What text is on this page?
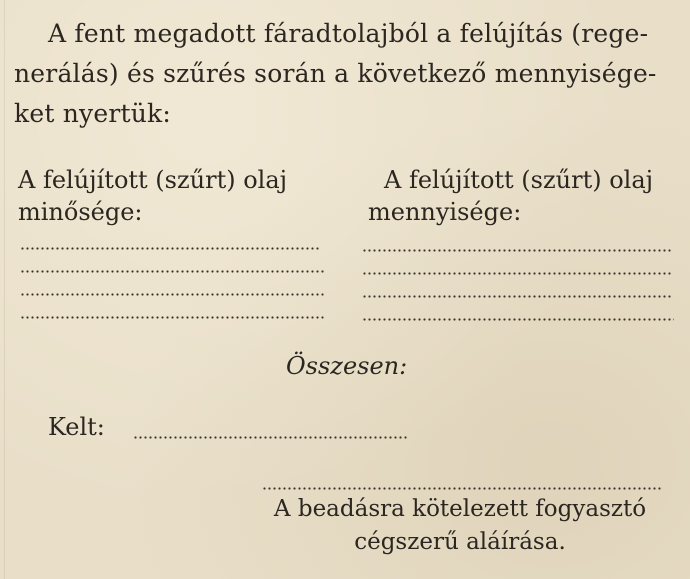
A fent megadott fáradtolajból a felújítás (rege-
nerálás) és szűrés során a következő mennyisége-
ket nyertük:
A felújított (szűrt) olaj
minősége:
A felújított (szűrt) olaj
mennyisége:
Összesen:
Kelt:
A beadásra kötelezett fogyasztó
cégszerű aláírása.
